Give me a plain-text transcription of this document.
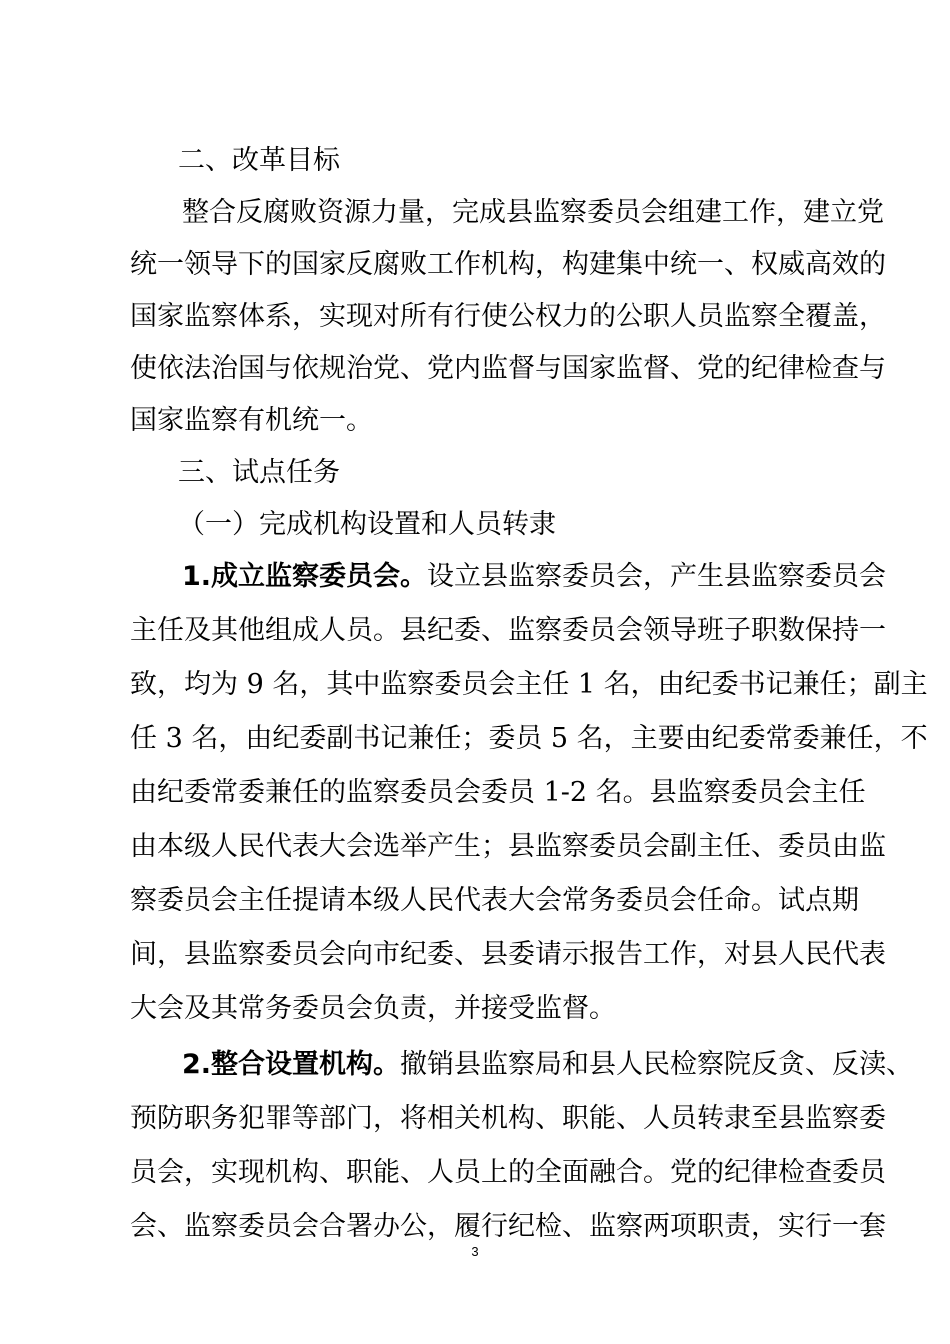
二、改革目标
整合反腐败资源力量，完成县监察委员会组建工作，建立党
统一领导下的国家反腐败工作机构，构建集中统一、权威高效的
国家监察体系，实现对所有行使公权力的公职人员监察全覆盖，
使依法治国与依规治党、党内监督与国家监督、党的纪律检查与
国家监察有机统一。
三、试点任务
（一）完成机构设置和人员转隶
1.成立监察委员会。设立县监察委员会，产生县监察委员会
主任及其他组成人员。县纪委、监察委员会领导班子职数保持一
致，均为 9 名，其中监察委员会主任 1 名，由纪委书记兼任；副主
任 3 名，由纪委副书记兼任；委员 5 名，主要由纪委常委兼任，不
由纪委常委兼任的监察委员会委员 1-2 名。县监察委员会主任
由本级人民代表大会选举产生；县监察委员会副主任、委员由监
察委员会主任提请本级人民代表大会常务委员会任命。试点期
间，县监察委员会向市纪委、县委请示报告工作，对县人民代表
大会及其常务委员会负责，并接受监督。
2.整合设置机构。撤销县监察局和县人民检察院反贪、反渎、
预防职务犯罪等部门，将相关机构、职能、人员转隶至县监察委
员会，实现机构、职能、人员上的全面融合。党的纪律检查委员
会、监察委员会合署办公，履行纪检、监察两项职责，实行一套
3
